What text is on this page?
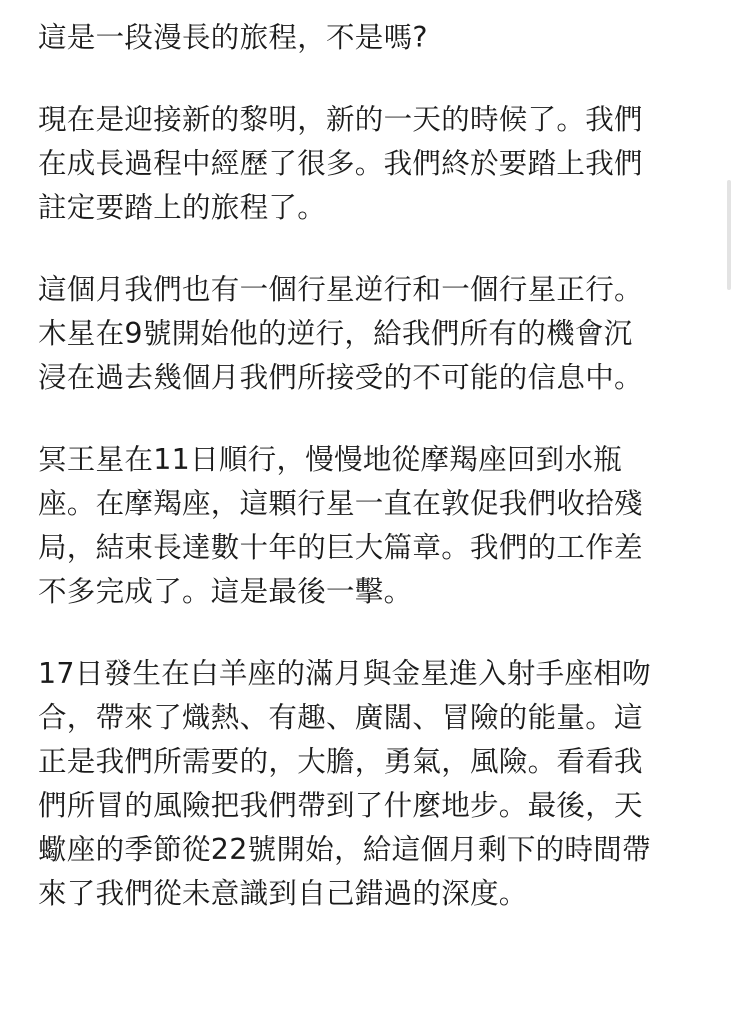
這是一段漫長的旅程，不是嗎?

現在是迎接新的黎明，新的一天的時候了。我們
在成長過程中經歷了很多。我們終於要踏上我們
註定要踏上的旅程了。

這個月我們也有一個行星逆行和一個行星正行。
木星在9號開始他的逆行，給我們所有的機會沉
浸在過去幾個月我們所接受的不可能的信息中。

冥王星在11日順行，慢慢地從摩羯座回到水瓶
座。在摩羯座，這顆行星一直在敦促我們收拾殘
局，結束長達數十年的巨大篇章。我們的工作差
不多完成了。這是最後一擊。

17日發生在白羊座的滿月與金星進入射手座相吻
合，帶來了熾熱、有趣、廣闊、冒險的能量。這
正是我們所需要的，大膽，勇氣，風險。看看我
們所冒的風險把我們帶到了什麼地步。最後，天
蠍座的季節從22號開始，給這個月剩下的時間帶
來了我們從未意識到自己錯過的深度。
